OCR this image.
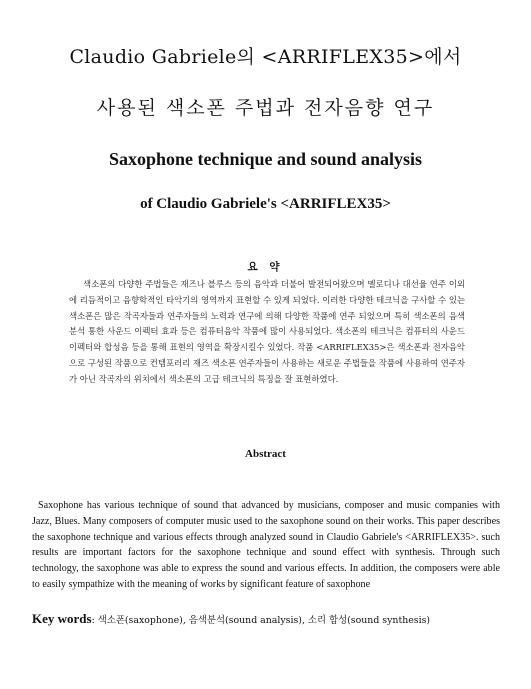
Claudio Gabriele의 <ARRIFLEX35>에서
사용된 색소폰 주법과 전자음향 연구
Saxophone technique and sound analysis
of Claudio Gabriele's <ARRIFLEX35>
요 약

색소폰의 다양한 주법들은 재즈나 블루스 등의 음악과 더불어 발전되어왔으며 멜로디나 대선율 연주 이외에 리듬적이고 음향학적인 타악기의 영역까지 표현할 수 있게 되었다. 이러한 다양한 테크닉을 구사할 수 있는 색소폰은 많은 작곡자들과 연주자들의 노력과 연구에 의해 다양한 작품에 연주 되었으며 특히 색소폰의 음색 분석 통한 사운드 이펙터 효과 등은 컴퓨터음악 작품에 많이 사용되었다. 색소폰의 테크닉은 컴퓨터의 사운드 이펙터와 합성음 등을 통해 표현의 영역을 확장시킬수 있었다. 작품 <ARRIFLEX35>은 색소폰과 전자음악으로 구성된 작품으로 컨템포러리 재즈 색소폰 연주자들이 사용하는 새로운 주법들을 작품에 사용하여 연주자가 아닌 작곡자의 위치에서 색소폰의 고급 테크닉의 특징을 잘 표현하였다.

Abstract

Saxophone has various technique of sound that advanced by musicians, composer and music companies with Jazz, Blues. Many composers of computer music used to the saxophone sound on their works. This paper describes the saxophone technique and various effects through analyzed sound in Claudio Gabriele's <ARRIFLEX35>. such results are important factors for the saxophone technique and sound effect with synthesis. Through such technology, the saxophone was able to express the sound and various effects. In addition, the composers were able to easily sympathize with the meaning of works by significant feature of saxophone

Key words: 색소폰(saxophone), 음색분석(sound analysis), 소리 합성(sound synthesis)
